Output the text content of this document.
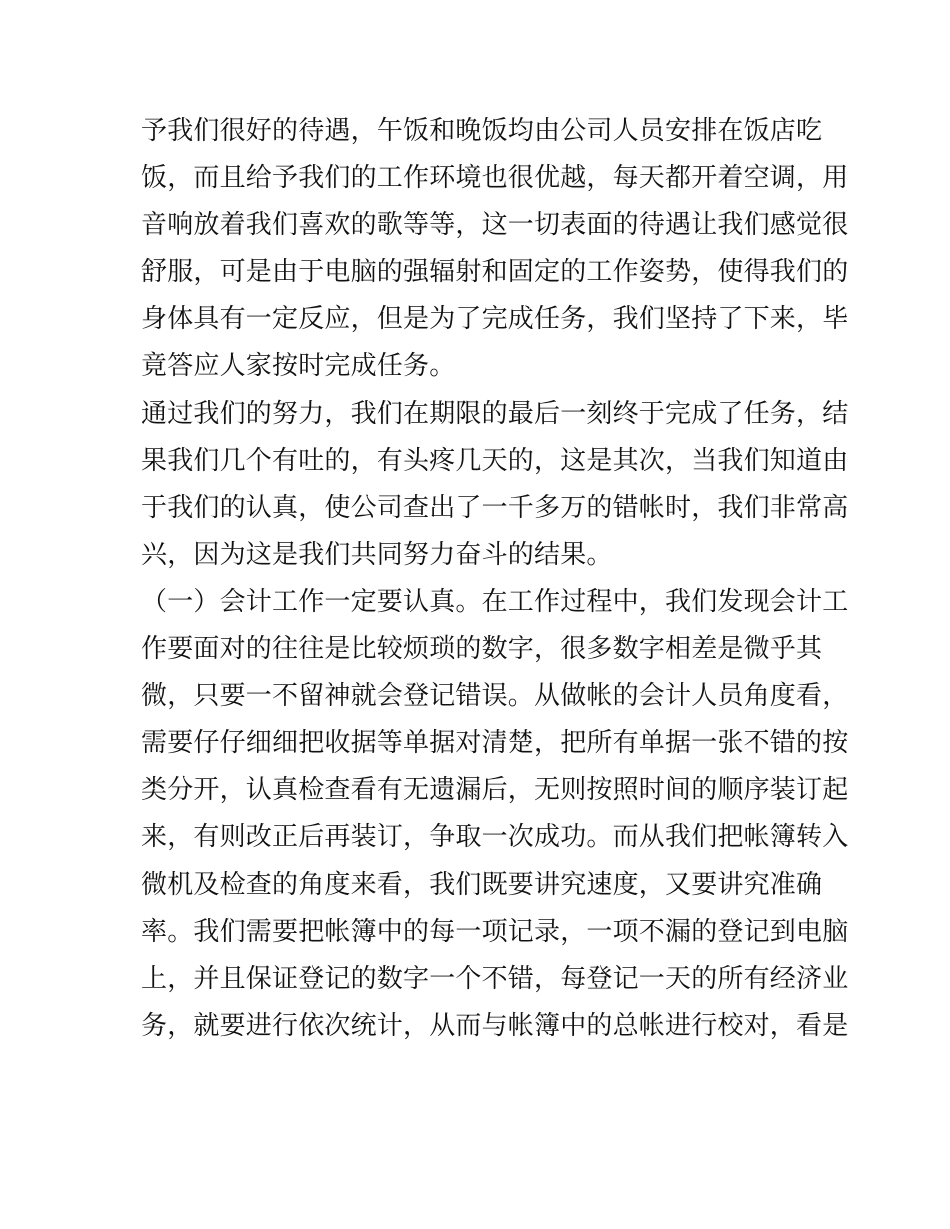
予我们很好的待遇，午饭和晚饭均由公司人员安排在饭店吃
饭，而且给予我们的工作环境也很优越，每天都开着空调，用
音响放着我们喜欢的歌等等，这一切表面的待遇让我们感觉很
舒服，可是由于电脑的强辐射和固定的工作姿势，使得我们的
身体具有一定反应，但是为了完成任务，我们坚持了下来，毕
竟答应人家按时完成任务。
通过我们的努力，我们在期限的最后一刻终于完成了任务，结
果我们几个有吐的，有头疼几天的，这是其次，当我们知道由
于我们的认真，使公司查出了一千多万的错帐时，我们非常高
兴，因为这是我们共同努力奋斗的结果。
（一）会计工作一定要认真。在工作过程中，我们发现会计工
作要面对的往往是比较烦琐的数字，很多数字相差是微乎其
微，只要一不留神就会登记错误。从做帐的会计人员角度看，
需要仔仔细细把收据等单据对清楚，把所有单据一张不错的按
类分开，认真检查看有无遗漏后，无则按照时间的顺序装订起
来，有则改正后再装订，争取一次成功。而从我们把帐簿转入
微机及检查的角度来看，我们既要讲究速度，又要讲究准确
率。我们需要把帐簿中的每一项记录，一项不漏的登记到电脑
上，并且保证登记的数字一个不错，每登记一天的所有经济业
务，就要进行依次统计，从而与帐簿中的总帐进行校对，看是
